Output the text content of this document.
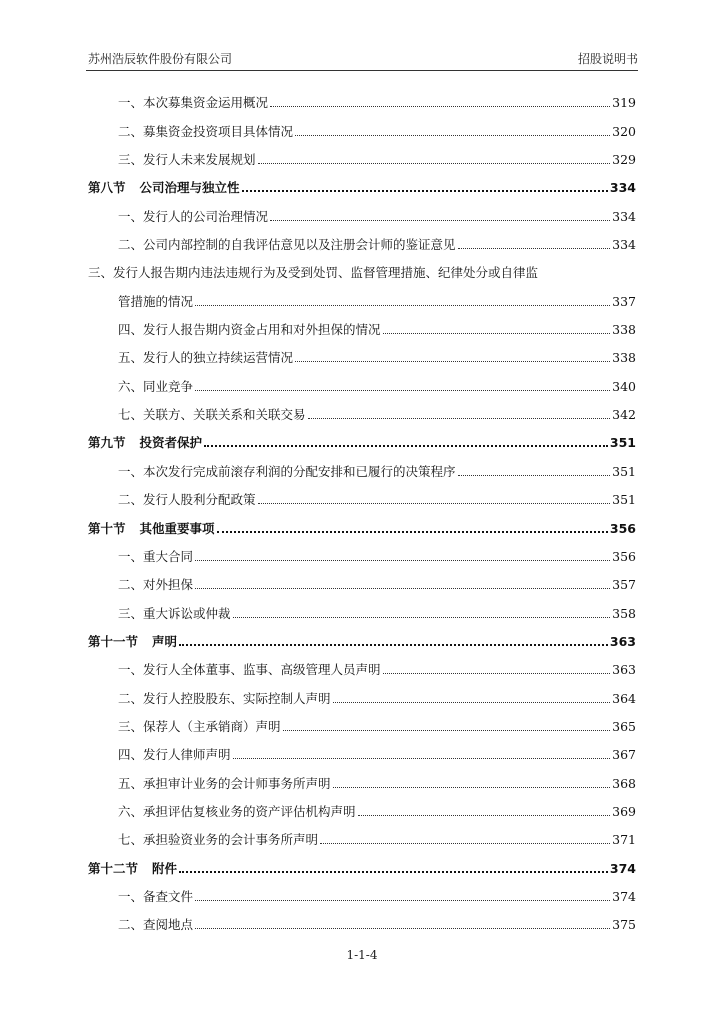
苏州浩辰软件股份有限公司	招股说明书
一、本次募集资金运用概况	319
二、募集资金投资项目具体情况	320
三、发行人未来发展规划	329
第八节 公司治理与独立性	334
一、发行人的公司治理情况	334
二、公司内部控制的自我评估意见以及注册会计师的鉴证意见	334
三、发行人报告期内违法违规行为及受到处罚、监督管理措施、纪律处分或自律监
管措施的情况	337
四、发行人报告期内资金占用和对外担保的情况	338
五、发行人的独立持续运营情况	338
六、同业竞争	340
七、关联方、关联关系和关联交易	342
第九节 投资者保护	351
一、本次发行完成前滚存利润的分配安排和已履行的决策程序	351
二、发行人股利分配政策	351
第十节 其他重要事项	356
一、重大合同	356
二、对外担保	357
三、重大诉讼或仲裁	358
第十一节 声明	363
一、发行人全体董事、监事、高级管理人员声明	363
二、发行人控股股东、实际控制人声明	364
三、保荐人（主承销商）声明	365
四、发行人律师声明	367
五、承担审计业务的会计师事务所声明	368
六、承担评估复核业务的资产评估机构声明	369
七、承担验资业务的会计事务所声明	371
第十二节 附件	374
一、备查文件	374
二、查阅地点	375
1-1-4
